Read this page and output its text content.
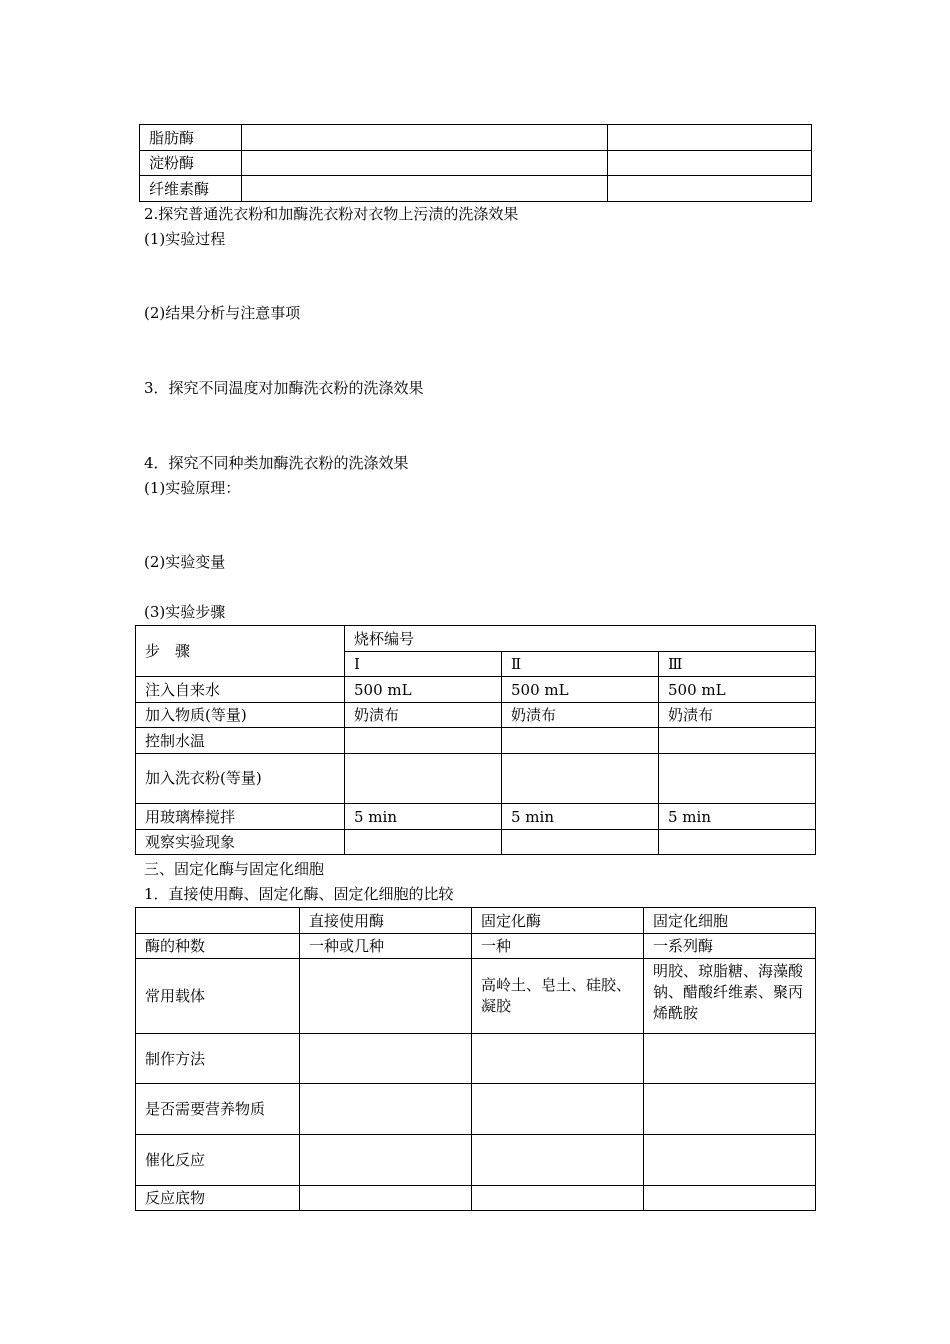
脂肪酶		
淀粉酶		
纤维素酶		
2.探究普通洗衣粉和加酶洗衣粉对衣物上污渍的洗涤效果
(1)实验过程
(2)结果分析与注意事项
3．探究不同温度对加酶洗衣粉的洗涤效果
4．探究不同种类加酶洗衣粉的洗涤效果
(1)实验原理：
(2)实验变量
(3)实验步骤
步　骤	烧杯编号		
	Ⅰ	Ⅱ	Ⅲ
注入自来水	500 mL	500 mL	500 mL
加入物质(等量)	奶渍布	奶渍布	奶渍布
控制水温			
加入洗衣粉(等量)			
用玻璃棒搅拌	5 min	5 min	5 min
观察实验现象			
三、固定化酶与固定化细胞
1．直接使用酶、固定化酶、固定化细胞的比较
	直接使用酶	固定化酶	固定化细胞
酶的种数	一种或几种	一种	一系列酶
常用载体		高岭土、皂土、硅胶、凝胶	明胶、琼脂糖、海藻酸钠、醋酸纤维素、聚丙烯酰胺
制作方法			
是否需要营养物质			
催化反应			
反应底物			
